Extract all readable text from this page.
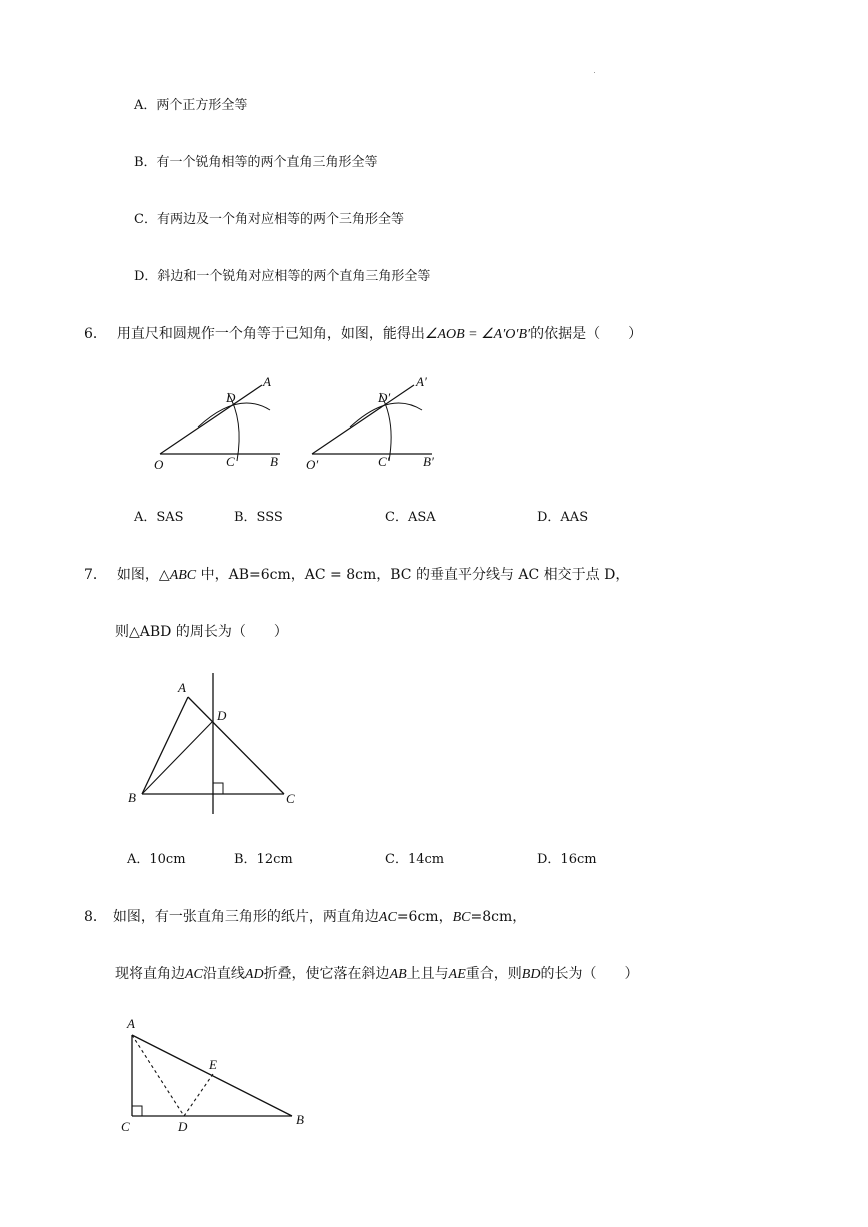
A．两个正方形全等
B．有一个锐角相等的两个直角三角形全等
C．有两边及一个角对应相等的两个三角形全等
D．斜边和一个锐角对应相等的两个直角三角形全等
6． 用直尺和圆规作一个角等于已知角，如图，能得出∠AOB = ∠A′O′B′的依据是（　　）
O	C	B
D
A
O′	C′	B′
D′
A′
A．SAS	B．SSS	C．ASA	D．AAS
7． 如图，△ABC 中，AB=6cm，AC = 8cm，BC 的垂直平分线与 AC 相交于点 D，
则△ABD 的周长为（　　）
A
D
B	C
A．10cm	B．12cm	C．14cm	D．16cm
8． 如图，有一张直角三角形的纸片，两直角边AC=6cm，BC=8cm，
现将直角边AC沿直线AD折叠，使它落在斜边AB上且与AE重合，则BD的长为（　　）
A
E
B
C	D
